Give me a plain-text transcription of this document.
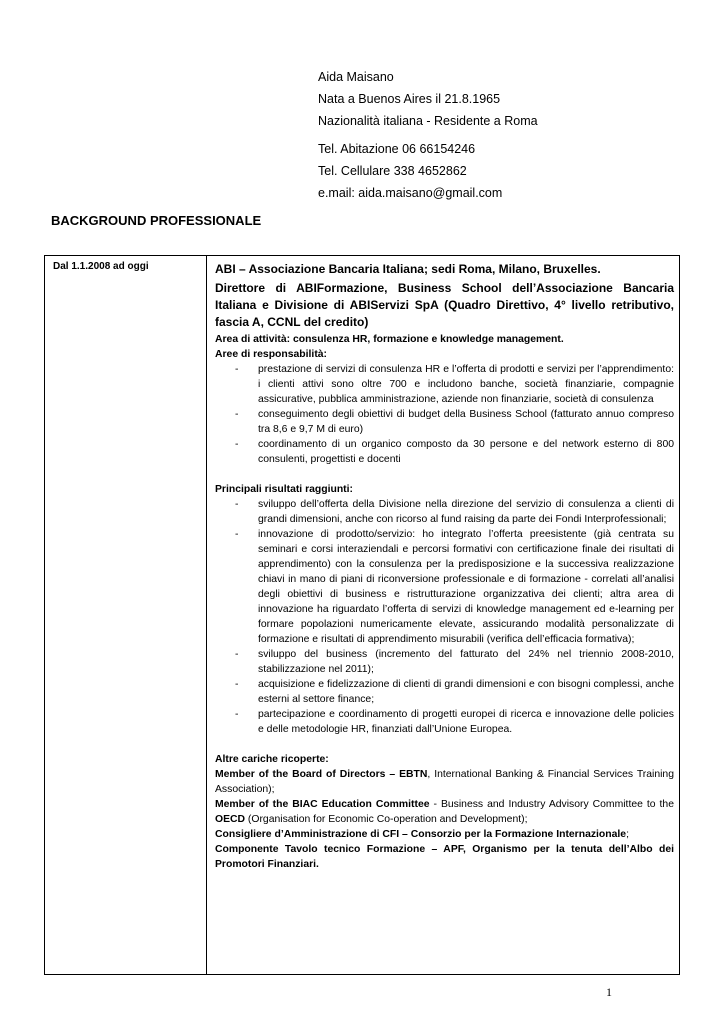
Aida Maisano
Nata a Buenos Aires il 21.8.1965
Nazionalità italiana - Residente a Roma
Tel. Abitazione 06 66154246
Tel. Cellulare 338 4652862
e.mail: aida.maisano@gmail.com
BACKGROUND PROFESSIONALE
Dal 1.1.2008 ad oggi	ABI – Associazione Bancaria Italiana; sedi Roma, Milano, Bruxelles.
Direttore di ABIFormazione, Business School dell’Associazione Bancaria Italiana e Divisione di ABIServizi SpA (Quadro Direttivo, 4° livello retributivo, fascia A, CCNL del credito)
Area di attività: consulenza HR, formazione e knowledge management.
Aree di responsabilità:
- prestazione di servizi di consulenza HR e l’offerta di prodotti e servizi per l’apprendimento: i clienti attivi sono oltre 700 e includono banche, società finanziarie, compagnie assicurative, pubblica amministrazione, aziende non finanziarie, società di consulenza
- conseguimento degli obiettivi di budget della Business School (fatturato annuo compreso tra 8,6 e 9,7 M di euro)
- coordinamento di un organico composto da 30 persone e del network esterno di 800 consulenti, progettisti e docenti
Principali risultati raggiunti:
- sviluppo dell’offerta della Divisione nella direzione del servizio di consulenza a clienti di grandi dimensioni, anche con ricorso al fund raising da parte dei Fondi Interprofessionali;
- innovazione di prodotto/servizio: ho integrato l’offerta preesistente (già centrata su seminari e corsi interaziendali e percorsi formativi con certificazione finale dei risultati di apprendimento) con la consulenza per la predisposizione e la successiva realizzazione chiavi in mano di piani di riconversione professionale e di formazione - correlati all’analisi degli obiettivi di business e ristrutturazione organizzativa dei clienti; altra area di innovazione ha riguardato l’offerta di servizi di knowledge management ed e-learning per formare popolazioni numericamente elevate, assicurando modalità personalizzate di formazione e risultati di apprendimento misurabili (verifica dell’efficacia formativa);
- sviluppo del business (incremento del fatturato del 24% nel triennio 2008-2010, stabilizzazione nel 2011);
- acquisizione e fidelizzazione di clienti di grandi dimensioni e con bisogni complessi, anche esterni al settore finance;
- partecipazione e coordinamento di progetti europei di ricerca e innovazione delle policies e delle metodologie HR, finanziati dall’Unione Europea.
Altre cariche ricoperte:

Member of the Board of Directors – EBTN, International Banking & Financial Services Training Association);

Member of the BIAC Education Committee - Business and Industry Advisory Committee to the OECD (Organisation for Economic Co-operation and Development);

Consigliere d’Amministrazione di CFI – Consorzio per la Formazione Internazionale;

Componente Tavolo tecnico Formazione – APF, Organismo per la tenuta dell’Albo dei Promotori Finanziari.

1
